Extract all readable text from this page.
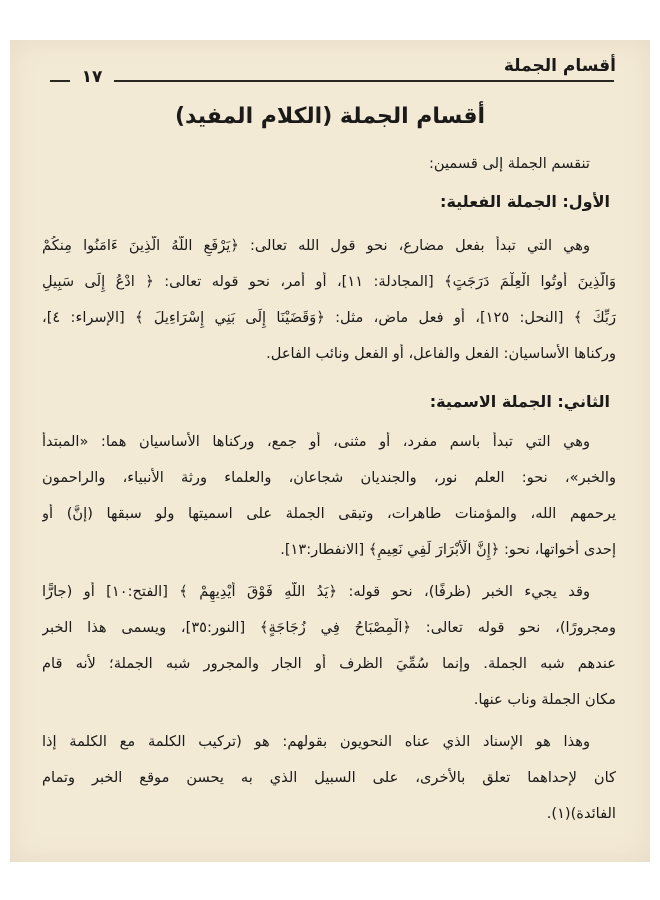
أقسام الجملة
١٧
أقسام الجملة (الكلام المفيد)
تنقسم الجملة إلى قسمين:
الأول: الجملة الفعلية:
وهي التي تبدأ بفعل مضارع، نحو قول الله تعالى: ﴿يَرْفَعِ اللَّهُ الَّذِينَ ءَامَنُوا مِنكُمْ
وَالَّذِينَ أُوتُوا الْعِلْمَ دَرَجَتٍ﴾ [المجادلة: ١١]، أو أمر، نحو قوله تعالى: ﴿ ادْعُ إِلَى سَبِيلِ
رَبِّكَ ﴾ [النحل: ١٢٥]، أو فعل ماض، مثل: ﴿وَقَضَيْنَا إِلَى بَنِي إِسْرَاءِيلَ ﴾ [الإسراء: ٤]،
وركناها الأساسيان: الفعل والفاعل، أو الفعل ونائب الفاعل.
الثاني: الجملة الاسمية:
وهي التي تبدأ باسم مفرد، أو مثنى، أو جمع، وركناها الأساسيان هما: «المبتدأ
والخبر»، نحو: العلم نور، والجنديان شجاعان، والعلماء ورثة الأنبياء، والراحمون
يرحمهم الله، والمؤمنات طاهرات، وتبقى الجملة على اسميتها ولو سبقها (إنَّ) أو
إحدى أخواتها، نحو: ﴿إِنَّ الْأَبْرَارَ لَفِي نَعِيمٍ﴾ [الانفطار:١٣].
وقد يجيء الخبر (ظرفًا)، نحو قوله: ﴿يَدُ اللَّهِ فَوْقَ أَيْدِيهِمْ ﴾ [الفتح:١٠] أو (جارًّا
ومجرورًا)، نحو قوله تعالى: ﴿الْمِصْبَاحُ فِي زُجَاجَةٍ﴾ [النور:٣٥]، ويسمى هذا الخبر
عندهم شبه الجملة. وإنما سُمِّيَ الظرف أو الجار والمجرور شبه الجملة؛ لأنه قام
مكان الجملة وناب عنها.
وهذا هو الإسناد الذي عناه النحويون بقولهم: هو (تركيب الكلمة مع الكلمة إذا
كان لإحداهما تعلق بالأخرى، على السبيل الذي به يحسن موقع الخبر وتمام
الفائدة)(١).
